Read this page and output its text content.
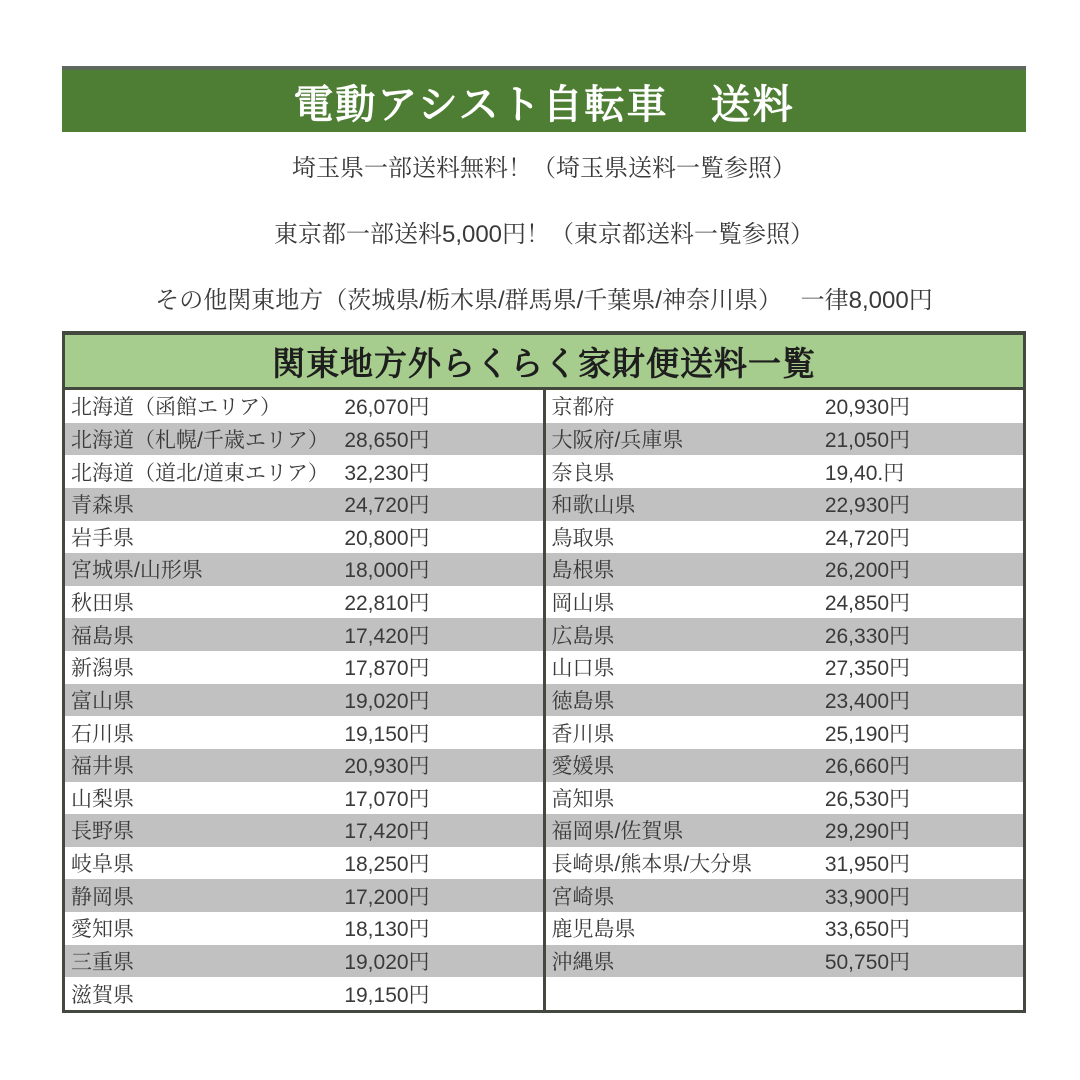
電動アシスト自転車　送料

埼玉県一部送料無料！（埼玉県送料一覧参照）

東京都一部送料5,000円！（東京都送料一覧参照）

その他関東地方（茨城県/栃木県/群馬県/千葉県/神奈川県）　 一律8,000円

関東地方外らくらく家財便送料一覧
北海道（函館エリア）	26,070円
北海道（札幌/千歳エリア） 28,650円
北海道（道北/道東エリア） 32,230円
青森県	24,720円
岩手県	20,800円
宮城県/山形県	18,000円
秋田県	22,810円
福島県	17,420円
新潟県	17,870円
富山県	19,020円
石川県	19,150円
福井県	20,930円
山梨県	17,070円
長野県	17,420円
岐阜県	18,250円
静岡県	17,200円
愛知県	18,130円
三重県	19,020円
滋賀県	19,150円
京都府	20,930円
大阪府/兵庫県	21,050円
奈良県	19,40.円
和歌山県	22,930円
鳥取県	24,720円
島根県	26,200円
岡山県	24,850円
広島県	26,330円
山口県	27,350円
徳島県	23,400円
香川県	25,190円
愛媛県	26,660円
高知県	26,530円
福岡県/佐賀県	29,290円
長崎県/熊本県/大分県	31,950円
宮崎県	33,900円
鹿児島県	33,650円
沖縄県	50,750円
